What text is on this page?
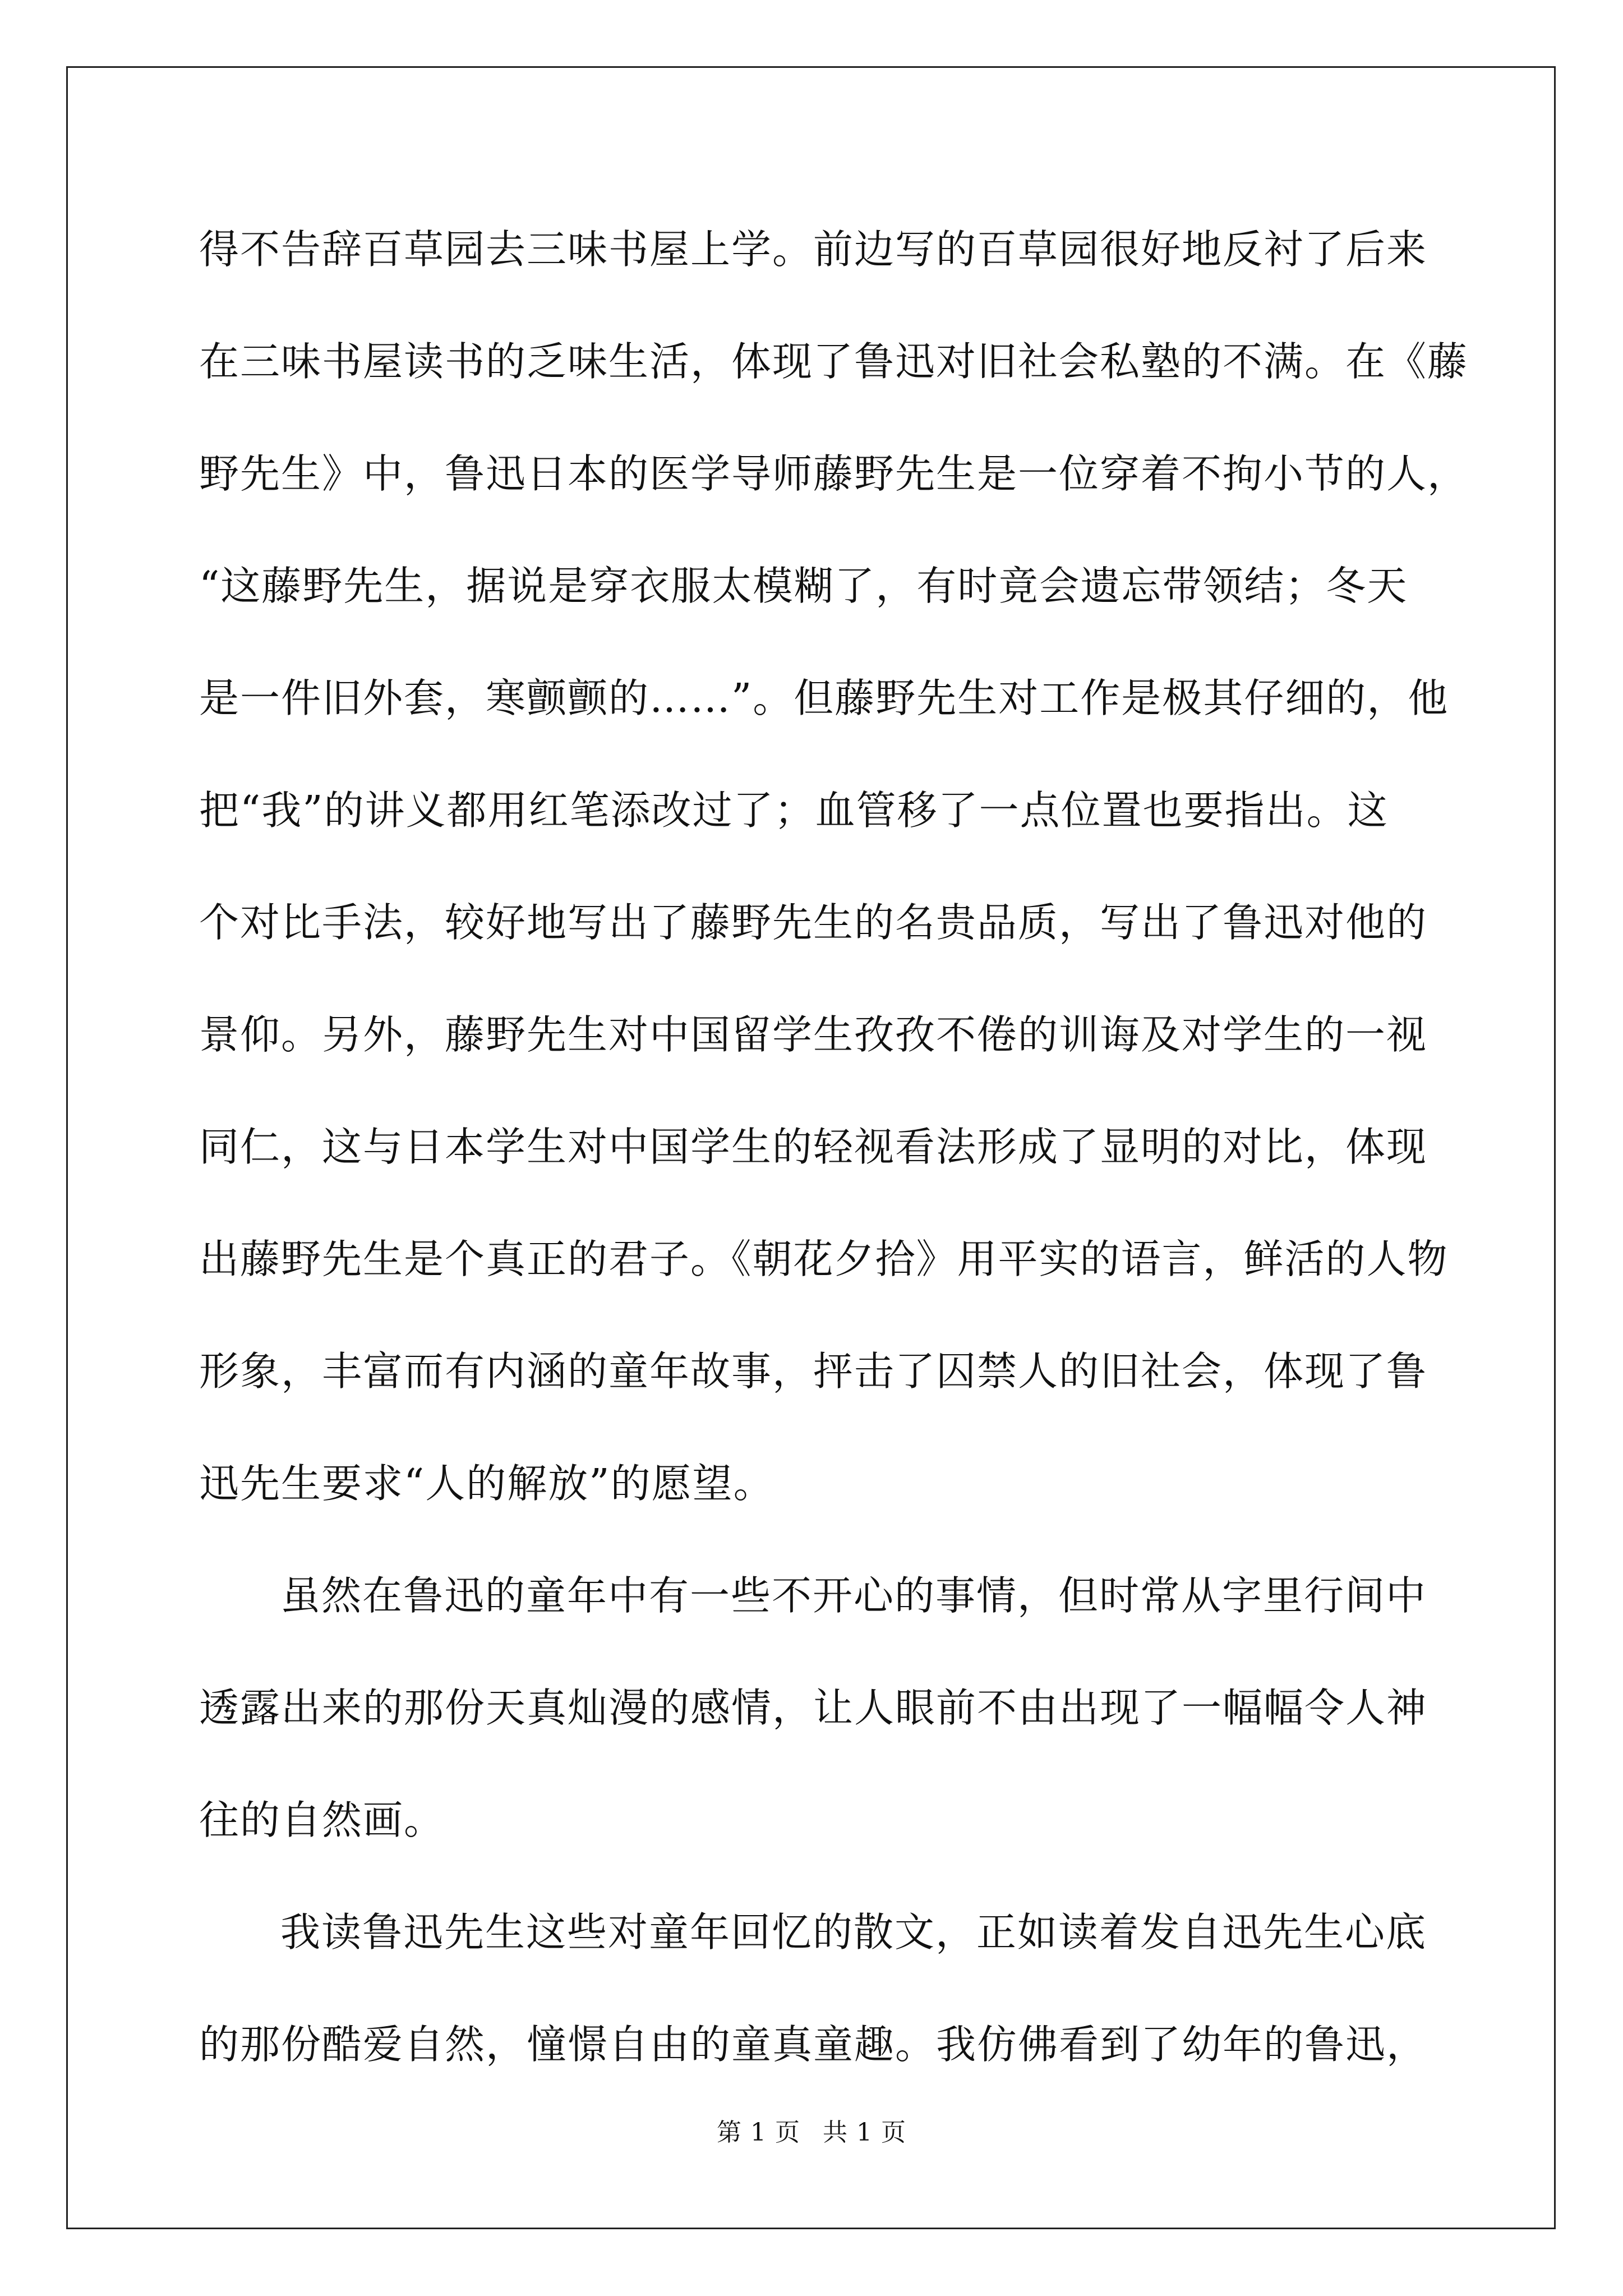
得不告辞百草园去三味书屋上学。前边写的百草园很好地反衬了后来
在三味书屋读书的乏味生活，体现了鲁迅对旧社会私塾的不满。在《藤
野先生》中，鲁迅日本的医学导师藤野先生是一位穿着不拘小节的人，
“这藤野先生，据说是穿衣服太模糊了，有时竟会遗忘带领结；冬天
是一件旧外套，寒颤颤的……”。但藤野先生对工作是极其仔细的，他
把“我”的讲义都用红笔添改过了；血管移了一点位置也要指出。这
个对比手法，较好地写出了藤野先生的名贵品质，写出了鲁迅对他的
景仰。另外，藤野先生对中国留学生孜孜不倦的训诲及对学生的一视
同仁，这与日本学生对中国学生的轻视看法形成了显明的对比，体现
出藤野先生是个真正的君子。《朝花夕拾》用平实的语言，鲜活的人物
形象，丰富而有内涵的童年故事，抨击了囚禁人的旧社会，体现了鲁
迅先生要求“人的解放”的愿望。
虽然在鲁迅的童年中有一些不开心的事情，但时常从字里行间中
透露出来的那份天真灿漫的感情，让人眼前不由出现了一幅幅令人神
往的自然画。
我读鲁迅先生这些对童年回忆的散文，正如读着发自迅先生心底
的那份酷爱自然，憧憬自由的童真童趣。我仿佛看到了幼年的鲁迅，
第 1 页 共 1 页
